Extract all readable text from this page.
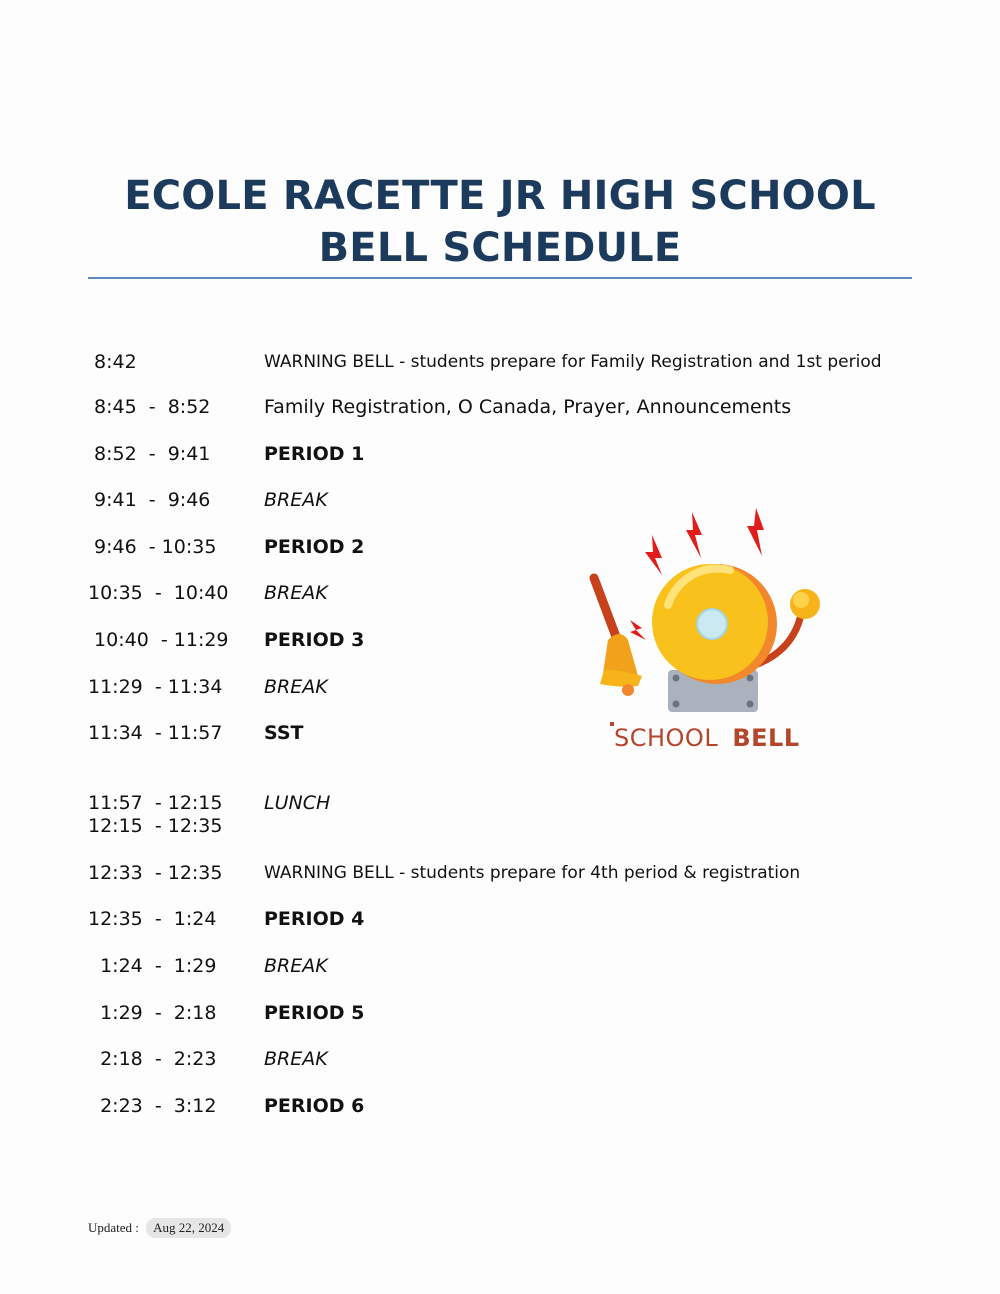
ECOLE RACETTE JR HIGH SCHOOL
BELL SCHEDULE
8:42	WARNING BELL - students prepare for Family Registration and 1st period
8:45  -  8:52	Family Registration, O Canada, Prayer, Announcements
8:52  -  9:41	PERIOD 1
9:41  -  9:46	BREAK
9:46  - 10:35	PERIOD 2
10:35  -  10:40	BREAK
10:40  - 11:29	PERIOD 3
11:29  - 11:34	BREAK
11:34  - 11:57	SST
11:57  - 12:15	LUNCH
12:15  - 12:35
12:33  - 12:35	WARNING BELL - students prepare for 4th period & registration
12:35  -  1:24	PERIOD 4
1:24  -  1:29	BREAK
1:29  -  2:18	PERIOD 5
2:18  -  2:23	BREAK
2:23  -  3:12	PERIOD 6
SCHOOL BELL
Updated : Aug 22, 2024
